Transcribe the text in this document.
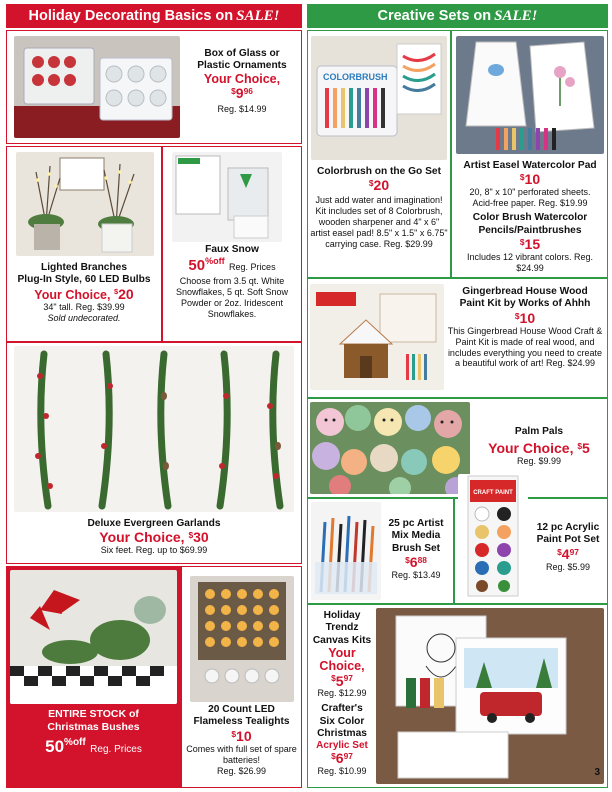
Holiday Decorating Basics on SALE!	Creative Sets on SALE!
Box of Glass or
Plastic Ornaments
Your Choice,
$^{\$}9^{96}$
Reg. $14.99
Lighted Branches
Plug-In Style, 60 LED Bulbs
Your Choice, $20
34" tall. Reg. $39.99
Sold undecorated.
Faux Snow
$50^{\%off}$ Reg. Prices
Choose from 3.5 qt. White Snowflakes, 5 qt. Soft Snow Powder or 2oz. Iridescent Snowflakes.
Deluxe Evergreen Garlands
Your Choice, $30
Six feet. Reg. up to $69.99
ENTIRE STOCK of
Christmas Bushes
$50^{\%off}$ Reg. Prices
20 Count LED
Flameless Tealights
$10
Comes with full set of spare batteries!
Reg. $26.99
COLORBRUSH
Colorbrush on the Go Set
$20
Just add water and imagination! Kit includes set of 8 Colorbrush, wooden sharpener and 4" x 6" artist easel pad! 8.5" x 1.5" x 6.75" carrying case. Reg. $29.99
Artist Easel Watercolor Pad
$10
20, 8" x 10" perforated sheets.
Acid-free paper. Reg. $19.99
Color Brush Watercolor
Pencils/Paintbrushes
$15
Includes 12 vibrant colors. Reg. $24.99
Gingerbread House Wood
Paint Kit by Works of Ahhh
$10
This Gingerbread House Wood Craft & Paint Kit is made of real wood, and includes everything you need to create a beautiful work of art! Reg. $24.99
Palm Pals
Your Choice, $5
Reg. $9.99
25 pc Artist
Mix Media
Brush Set
$^{\$}6^{88}$
Reg. $13.49
CRAFT PAINT
12 pc Acrylic
Paint Pot Set
$^{\$}4^{97}$
Reg. $5.99
Holiday
Trendz
Canvas Kits
Your
Choice,
$^{\$}5^{97}$
Reg. $12.99
Crafter's
Six Color
Christmas
Acrylic Set
$^{\$}6^{97}$
Reg. $10.99	3
